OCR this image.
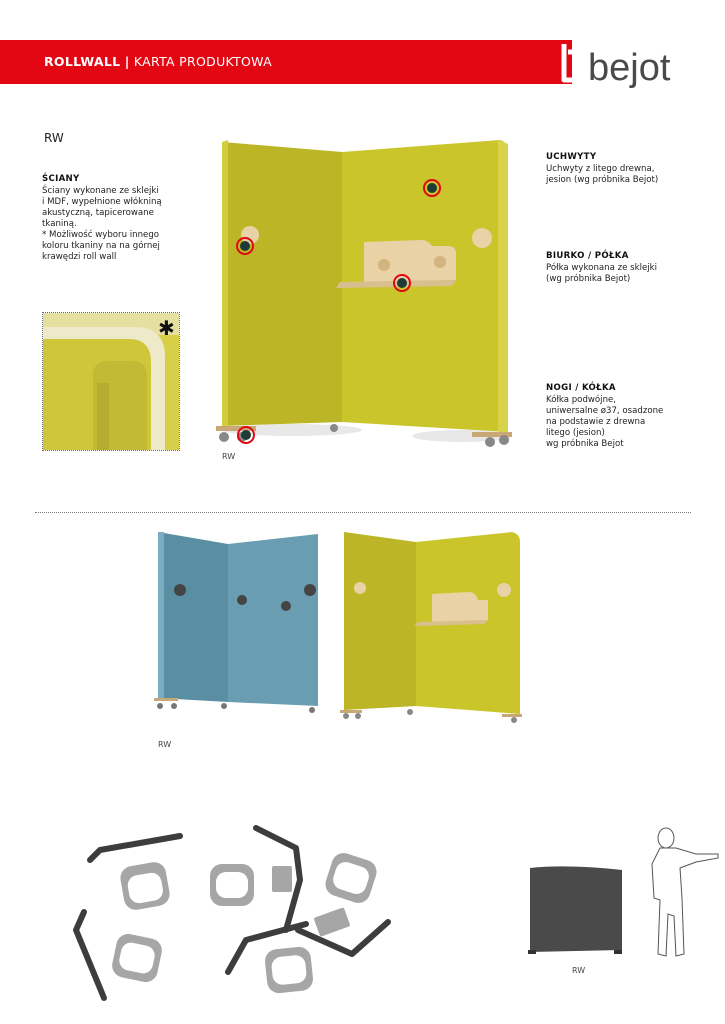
ROLLWALL | KARTA PRODUKTOWA	bejot
RW
ŚCIANY
Ściany wykonane ze sklejki
i MDF, wypełnione włókniną
akustyczną, tapicerowane
tkaniną.
* Możliwość wyboru innego
koloru tkaniny na na górnej
krawędzi roll wall
✱
RW
UCHWYTY
Uchwyty z litego drewna,
jesion (wg próbnika Bejot)
BIURKO / PÓŁKA
Półka wykonana ze sklejki
(wg próbnika Bejot)
NOGI / KÓŁKA
Kółka podwójne,
uniwersalne ø37, osadzone
na podstawie z drewna
litego (jesion)
wg próbnika Bejot
RW
RW
